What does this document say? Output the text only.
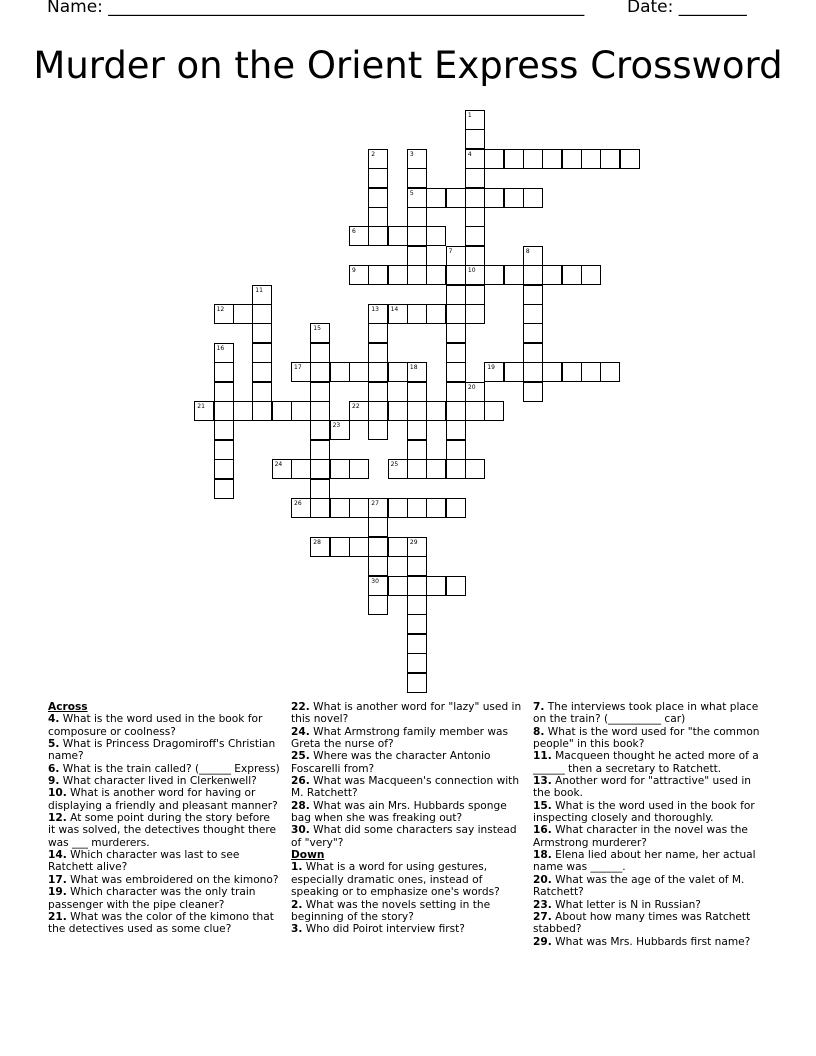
Name: ________________________________________________________	Date: ________
Murder on the Orient Express Crossword
1
4
10
2	3
5
6
7	8
9
11
12	13 14
15
16
17	18	19
20
21	22
23
24	25
26	27
30
28	29
Across
4. What is the word used in the book for composure or coolness?
5. What is Princess Dragomiroff's Christian name?
6. What is the train called? (______ Express)
9. What character lived in Clerkenwell?
10. What is another word for having or displaying a friendly and pleasant manner?
12. At some point during the story before it was solved, the detectives thought there was ___ murderers.
14. Which character was last to see Ratchett alive?
17. What was embroidered on the kimono?
19. Which character was the only train passenger with the pipe cleaner?
21. What was the color of the kimono that the detectives used as some clue?
22. What is another word for "lazy" used in this novel?
24. What Armstrong family member was Greta the nurse of?
25. Where was the character Antonio Foscarelli from?
26. What was Macqueen's connection with M. Ratchett?
28. What was ain Mrs. Hubbards sponge bag when she was freaking out?
30. What did some characters say instead of "very"?
Down
1. What is a word for using gestures, especially dramatic ones, instead of speaking or to emphasize one's words?
2. What was the novels setting in the beginning of the story?
3. Who did Poirot interview first?
7. The interviews took place in what place on the train? (__________ car)
8. What is the word used for "the common people" in this book?
11. Macqueen thought he acted more of a ______ then a secretary to Ratchett.
13. Another word for "attractive" used in the book.
15. What is the word used in the book for inspecting closely and thoroughly.
16. What character in the novel was the Armstrong murderer?
18. Elena lied about her name, her actual name was ______.
20. What was the age of the valet of M. Ratchett?
23. What letter is N in Russian?
27. About how many times was Ratchett stabbed?
29. What was Mrs. Hubbards first name?
